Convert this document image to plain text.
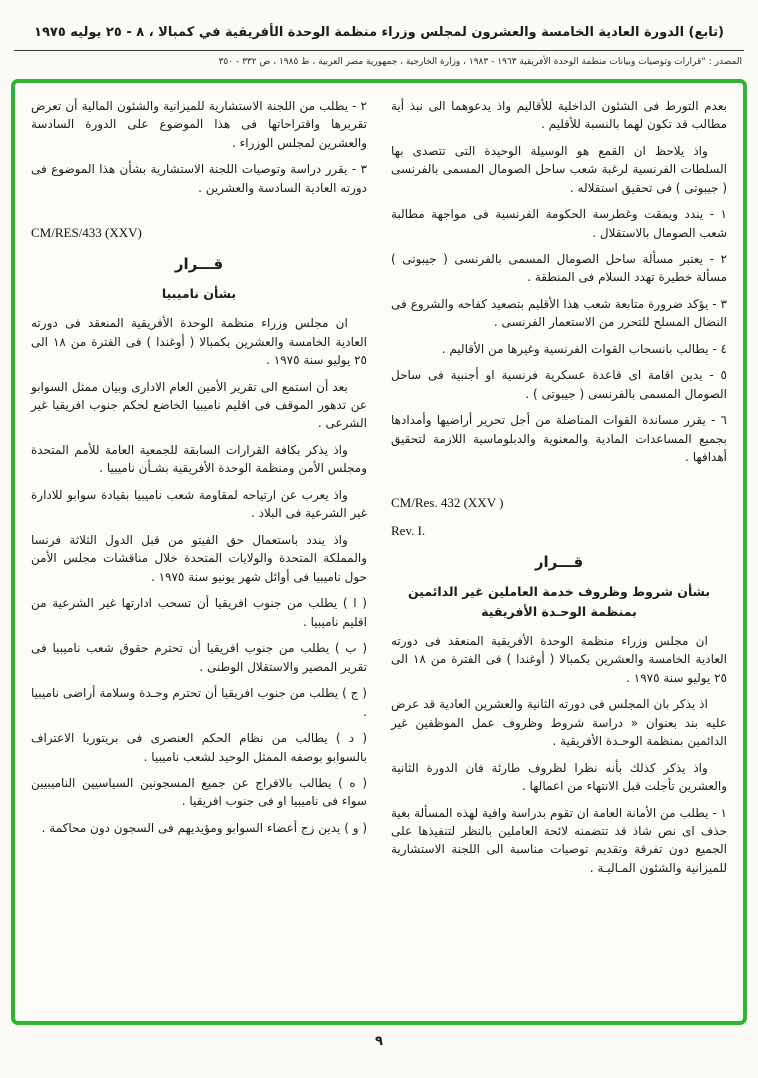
(تابع) الدورة العادية الخامسة والعشرون لمجلس وزراء منظمة الوحدة الأفريقية في كمبالا ، ٨ - ٢٥ يوليه ١٩٧٥
المصدر : “قرارات وتوصيات وبيانات منظمة الوحدة الأفريقية ١٩٦٣ - ١٩٨٣ ، وزارة الخارجية ، جمهورية مصر العربية ، ط ١٩٨٥ ، ص ٣٣٢ - ٣٥٠

بعدم التورط فى الشئون الداخلية للأقاليم واذ يدعوهما الى نبذ أية مطالب قد تكون لهما بالنسبة للأقليم .

واذ يلاحظ ان القمع هو الوسيلة الوحيدة التى تتصدى بها السلطات الفرنسية لرغبة شعب ساحل الصومال المسمى بالفرنسى ( جيبوتى ) فى تحقيق استقلاله .

١ - يندد ويمقت وغطرسة الحكومة الفرنسية فى مواجهة مطالبة شعب الصومال بالاستقلال .

٢ - يعتبر مسألة ساحل الصومال المسمى بالفرنسى ( جيبوتى ) مسألة خطيرة تهدد السلام فى المنطقة .

٣ - يؤكد ضرورة متابعة شعب هذا الأقليم بتصعيد كفاحه والشروع فى النضال المسلح للتحرر من الاستعمار الفرنسى .

٤ - يطالب بانسحاب القوات الفرنسية وغيرها من الأقاليم .

٥ - يدين اقامة اى قاعدة عسكرية فرنسية او أجنبية فى ساحل الصومال المسمى بالفرنسى ( جيبوتى ) .

٦ - يقرر مساندة القوات المناضلة من أجل تحرير أراضيها وأمدادها بجميع المساعدات المادية والمعنوية والدبلوماسية اللازمة لتحقيق أهدافها .

CM/Res. 432 (XXV )

Rev. I.

قـــرار
بشأن شروط وظروف خدمة العاملين غير الدائمين بمنظمة الوحـدة الأفريقية

ان مجلس وزراء منظمة الوحدة الأفريقية المنعقد فى دورته العادية الخامسة والعشرين بكمبالا ( أوغندا ) فى الفترة من ١٨ الى ٢٥ يوليو سنة ١٩٧٥ .

اذ يذكر بان المجلس فى دورته الثانية والعشرين العادية قد عرض عليه بند بعنوان « دراسة شروط وظروف عمل الموظفين غير الدائمين بمنظمة الوحـدة الأفريقية .

واذ يذكر كذلك بأنه نظرا لظروف طارئة فان الدورة الثانية والعشرين تأجلت قبل الانتهاء من اعمالها .

١ - يطلب من الأمانة العامة ان تقوم بدراسة وافية لهذه المسألة بغية حذف اى نص شاذ قد تتضمنه لائحة العاملين بالنظر لتنفيذها على الجميع دون تفرقة وتقديم توصيات مناسبة الى اللجنة الاستشارية للميزانية والشئون المـاليـة .

٢ - يطلب من اللجنة الاستشارية للميزانية والشئون المالية أن تعرض تقريرها واقتراحاتها فى هذا الموضوع على الدورة السادسة والعشرين لمجلس الوزراء .

٣ - يقرر دراسة وتوصيات اللجنة الاستشارية بشأن هذا الموضوع فى دورته العادية السادسة والعشرين .

CM/RES/433 (XXV)

قـــرار
بشأن ناميبيا

ان مجلس وزراء منظمة الوحدة الأفريقية المنعقد فى دورته العادية الخامسة والعشرين بكمبالا ( أوغندا ) فى الفترة من ١٨ الى ٢٥ يوليو سنة ١٩٧٥ .

بعد أن استمع الى تقرير الأمين العام الادارى وبيان ممثل السوابو عن تدهور الموقف فى اقليم ناميبيا الخاضع لحكم جنوب افريقيا غير الشرعى .

واذ يذكر بكافة القرارات السابقة للجمعية العامة للأمم المتحدة ومجلس الأمن ومنظمة الوحدة الأفريقية بشـأن ناميبيا .

واذ يعرب عن ارتياحه لمقاومة شعب ناميبيا بقيادة سوابو للادارة غير الشرعية فى البلاد .

واذ يندد باستعمال حق الفيتو من قبل الدول الثلاثة فرنسا والمملكة المتحدة والولايات المتحدة خلال مناقشات مجلس الأمن حول ناميبيا فى أوائل شهر يونيو سنة ١٩٧٥ .

( ا ) يطلب من جنوب افريقيا أن تسحب ادارتها غير الشرعية من اقليم ناميبيا .

( ب ) يطلب من جنوب افريقيا أن تحترم حقوق شعب ناميبيا فى تقرير المصير والاستقلال الوطنى .

( ج ) يطلب من جنوب افريقيا أن تحترم وحـدة وسلامة أراضى ناميبيا .

( د ) يطالب من نظام الحكم العنصرى فى بريتوريا الاعتراف بالسوابو بوصفه الممثل الوحيد لشعب ناميبيا .

( ه ) يطالب بالافراج عن جميع المسجونين السياسيين الناميبيين سواء فى ناميبيا او فى جنوب افريقيا .

( و ) يدين زج أعضاء السوابو ومؤيديهم فى السجون دون محاكمة .

٩
